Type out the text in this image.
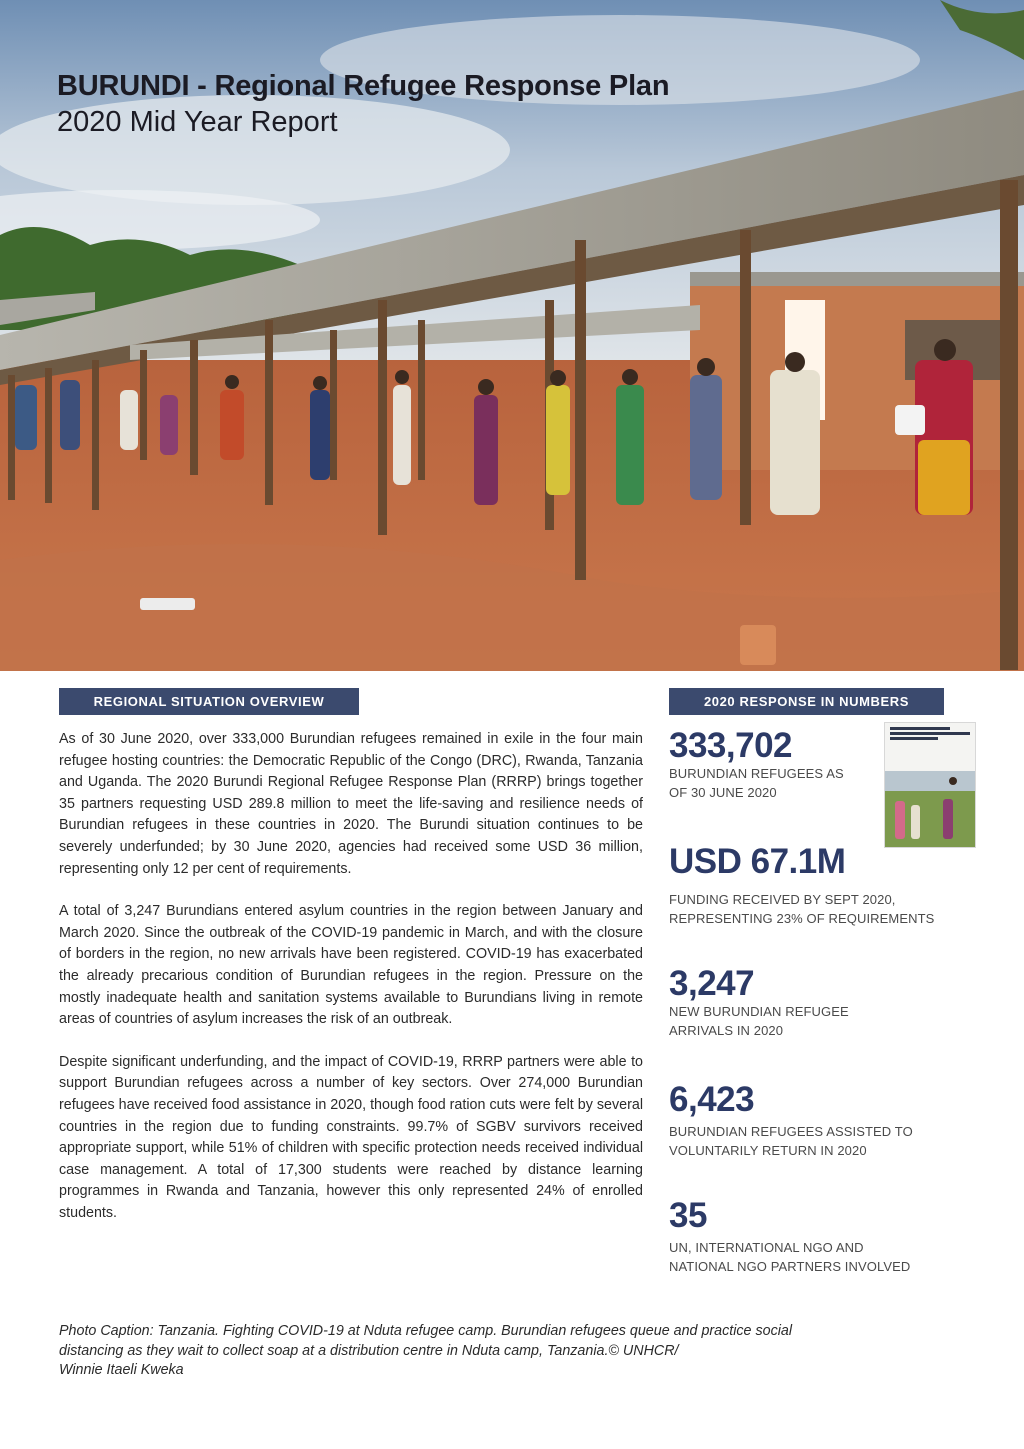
BURUNDI - Regional Refugee Response Plan
2020 Mid Year Report
REGIONAL SITUATION OVERVIEW

As of 30 June 2020, over 333,000 Burundian refugees remained in exile in the four main refugee hosting countries: the Democratic Republic of the Congo (DRC), Rwanda, Tanzania and Uganda. The 2020 Burundi Regional Refugee Response Plan (RRRP) brings together 35 partners requesting USD 289.8 million to meet the life-saving and resilience needs of Burundian refugees in these countries in 2020. The Burundi situation continues to be severely underfunded; by 30 June 2020, agencies had received some USD 36 million, representing only 12 per cent of requirements.

A total of 3,247 Burundians entered asylum countries in the region between January and March 2020. Since the outbreak of the COVID-19 pandemic in March, and with the closure of borders in the region, no new arrivals have been registered. COVID-19 has exacerbated the already precarious condition of Burundian refugees in the region. Pressure on the mostly inadequate health and sanitation systems available to Burundians living in remote areas of countries of asylum increases the risk of an outbreak.

Despite significant underfunding, and the impact of COVID-19, RRRP partners were able to support Burundian refugees across a number of key sectors. Over 274,000 Burundian refugees have received food assistance in 2020, though food ration cuts were felt by several countries in the region due to funding constraints. 99.7% of SGBV survivors received appropriate support, while 51% of children with specific protection needs received individual case management. A total of 17,300 students were reached by distance learning programmes in Rwanda and Tanzania, however this only represented 24% of enrolled students.

2020 RESPONSE IN NUMBERS
333,702
BURUNDIAN REFUGEES AS
OF 30 JUNE 2020
USD 67.1M
FUNDING RECEIVED BY SEPT 2020,
REPRESENTING 23% OF REQUIREMENTS
3,247
NEW BURUNDIAN REFUGEE
ARRIVALS IN 2020
6,423
BURUNDIAN REFUGEES ASSISTED TO
VOLUNTARILY RETURN IN 2020
35
UN, INTERNATIONAL NGO AND
NATIONAL NGO PARTNERS INVOLVED
Photo Caption: Tanzania. Fighting COVID-19 at Nduta refugee camp. Burundian refugees queue and practice social
distancing as they wait to collect soap at a distribution centre in Nduta camp, Tanzania.© UNHCR/
Winnie Itaeli Kweka
